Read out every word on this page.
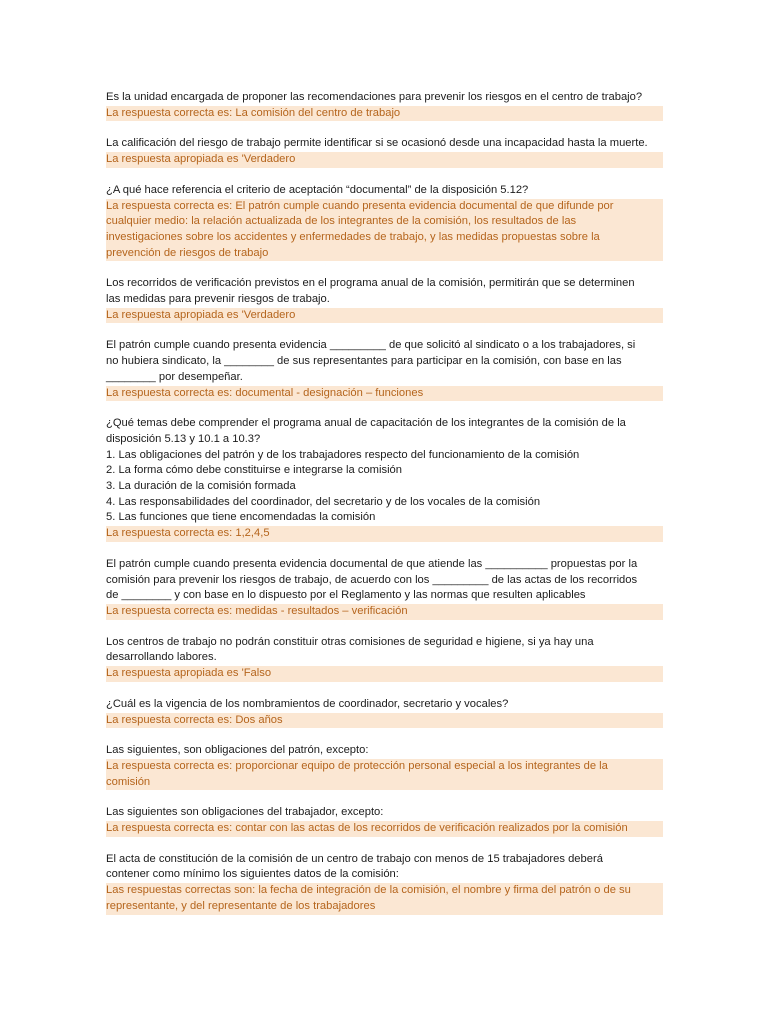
Es la unidad encargada de proponer las recomendaciones para prevenir los riesgos en el centro de trabajo?
La respuesta correcta es: La comisión del centro de trabajo
La calificación del riesgo de trabajo permite identificar si se ocasionó desde una incapacidad hasta la muerte.
La respuesta apropiada es 'Verdadero
¿A qué hace referencia el criterio de aceptación “documental” de la disposición 5.12?
La respuesta correcta es: El patrón cumple cuando presenta evidencia documental de que difunde por
cualquier medio: la relación actualizada de los integrantes de la comisión, los resultados de las
investigaciones sobre los accidentes y enfermedades de trabajo, y las medidas propuestas sobre la
prevención de riesgos de trabajo
Los recorridos de verificación previstos en el programa anual de la comisión, permitirán que se determinen
las medidas para prevenir riesgos de trabajo.
La respuesta apropiada es 'Verdadero
El patrón cumple cuando presenta evidencia _________ de que solicitó al sindicato o a los trabajadores, si
no hubiera sindicato, la ________ de sus representantes para participar en la comisión, con base en las
________ por desempeñar.
La respuesta correcta es: documental - designación – funciones
¿Qué temas debe comprender el programa anual de capacitación de los integrantes de la comisión de la
disposición 5.13 y 10.1 a 10.3?
1. Las obligaciones del patrón y de los trabajadores respecto del funcionamiento de la comisión
2. La forma cómo debe constituirse e integrarse la comisión
3. La duración de la comisión formada
4. Las responsabilidades del coordinador, del secretario y de los vocales de la comisión
5. Las funciones que tiene encomendadas la comisión
La respuesta correcta es: 1,2,4,5
El patrón cumple cuando presenta evidencia documental de que atiende las __________ propuestas por la
comisión para prevenir los riesgos de trabajo, de acuerdo con los _________ de las actas de los recorridos
de ________ y con base en lo dispuesto por el Reglamento y las normas que resulten aplicables
La respuesta correcta es: medidas - resultados – verificación
Los centros de trabajo no podrán constituir otras comisiones de seguridad e higiene, si ya hay una
desarrollando labores.
La respuesta apropiada es 'Falso
¿Cuál es la vigencia de los nombramientos de coordinador, secretario y vocales?
La respuesta correcta es: Dos años
Las siguientes, son obligaciones del patrón, excepto:
La respuesta correcta es: proporcionar equipo de protección personal especial a los integrantes de la
comisión
Las siguientes son obligaciones del trabajador, excepto:
La respuesta correcta es: contar con las actas de los recorridos de verificación realizados por la comisión
El acta de constitución de la comisión de un centro de trabajo con menos de 15 trabajadores deberá
contener como mínimo los siguientes datos de la comisión:
Las respuestas correctas son: la fecha de integración de la comisión, el nombre y firma del patrón o de su
representante, y del representante de los trabajadores
